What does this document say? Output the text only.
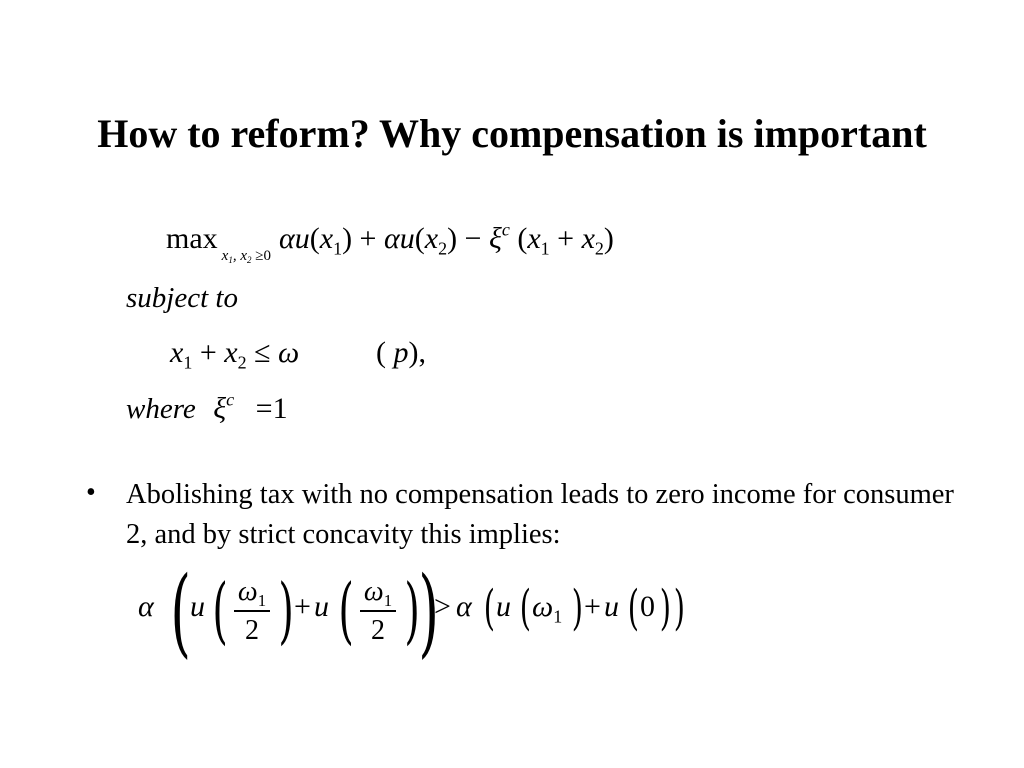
How to reform? Why compensation is important
$\max_{x_1, x_2 \ge 0}\alpha u(x_1) + \alpha u(x_2) - \xi^c$ $(x_1 + x_2)$
subject to
$x_1 + x_2 \le \omega$	( p),
where $\xi^c =1$
• Abolishing tax with no compensation leads to zero income for consumer 2, and by strict concavity this implies:
α (
u ( $\omega_1$
2 ) + u ( $\omega_1$
2 )
)
> α ( u ( $\omega_1$ ) + u ( 0 ) )
